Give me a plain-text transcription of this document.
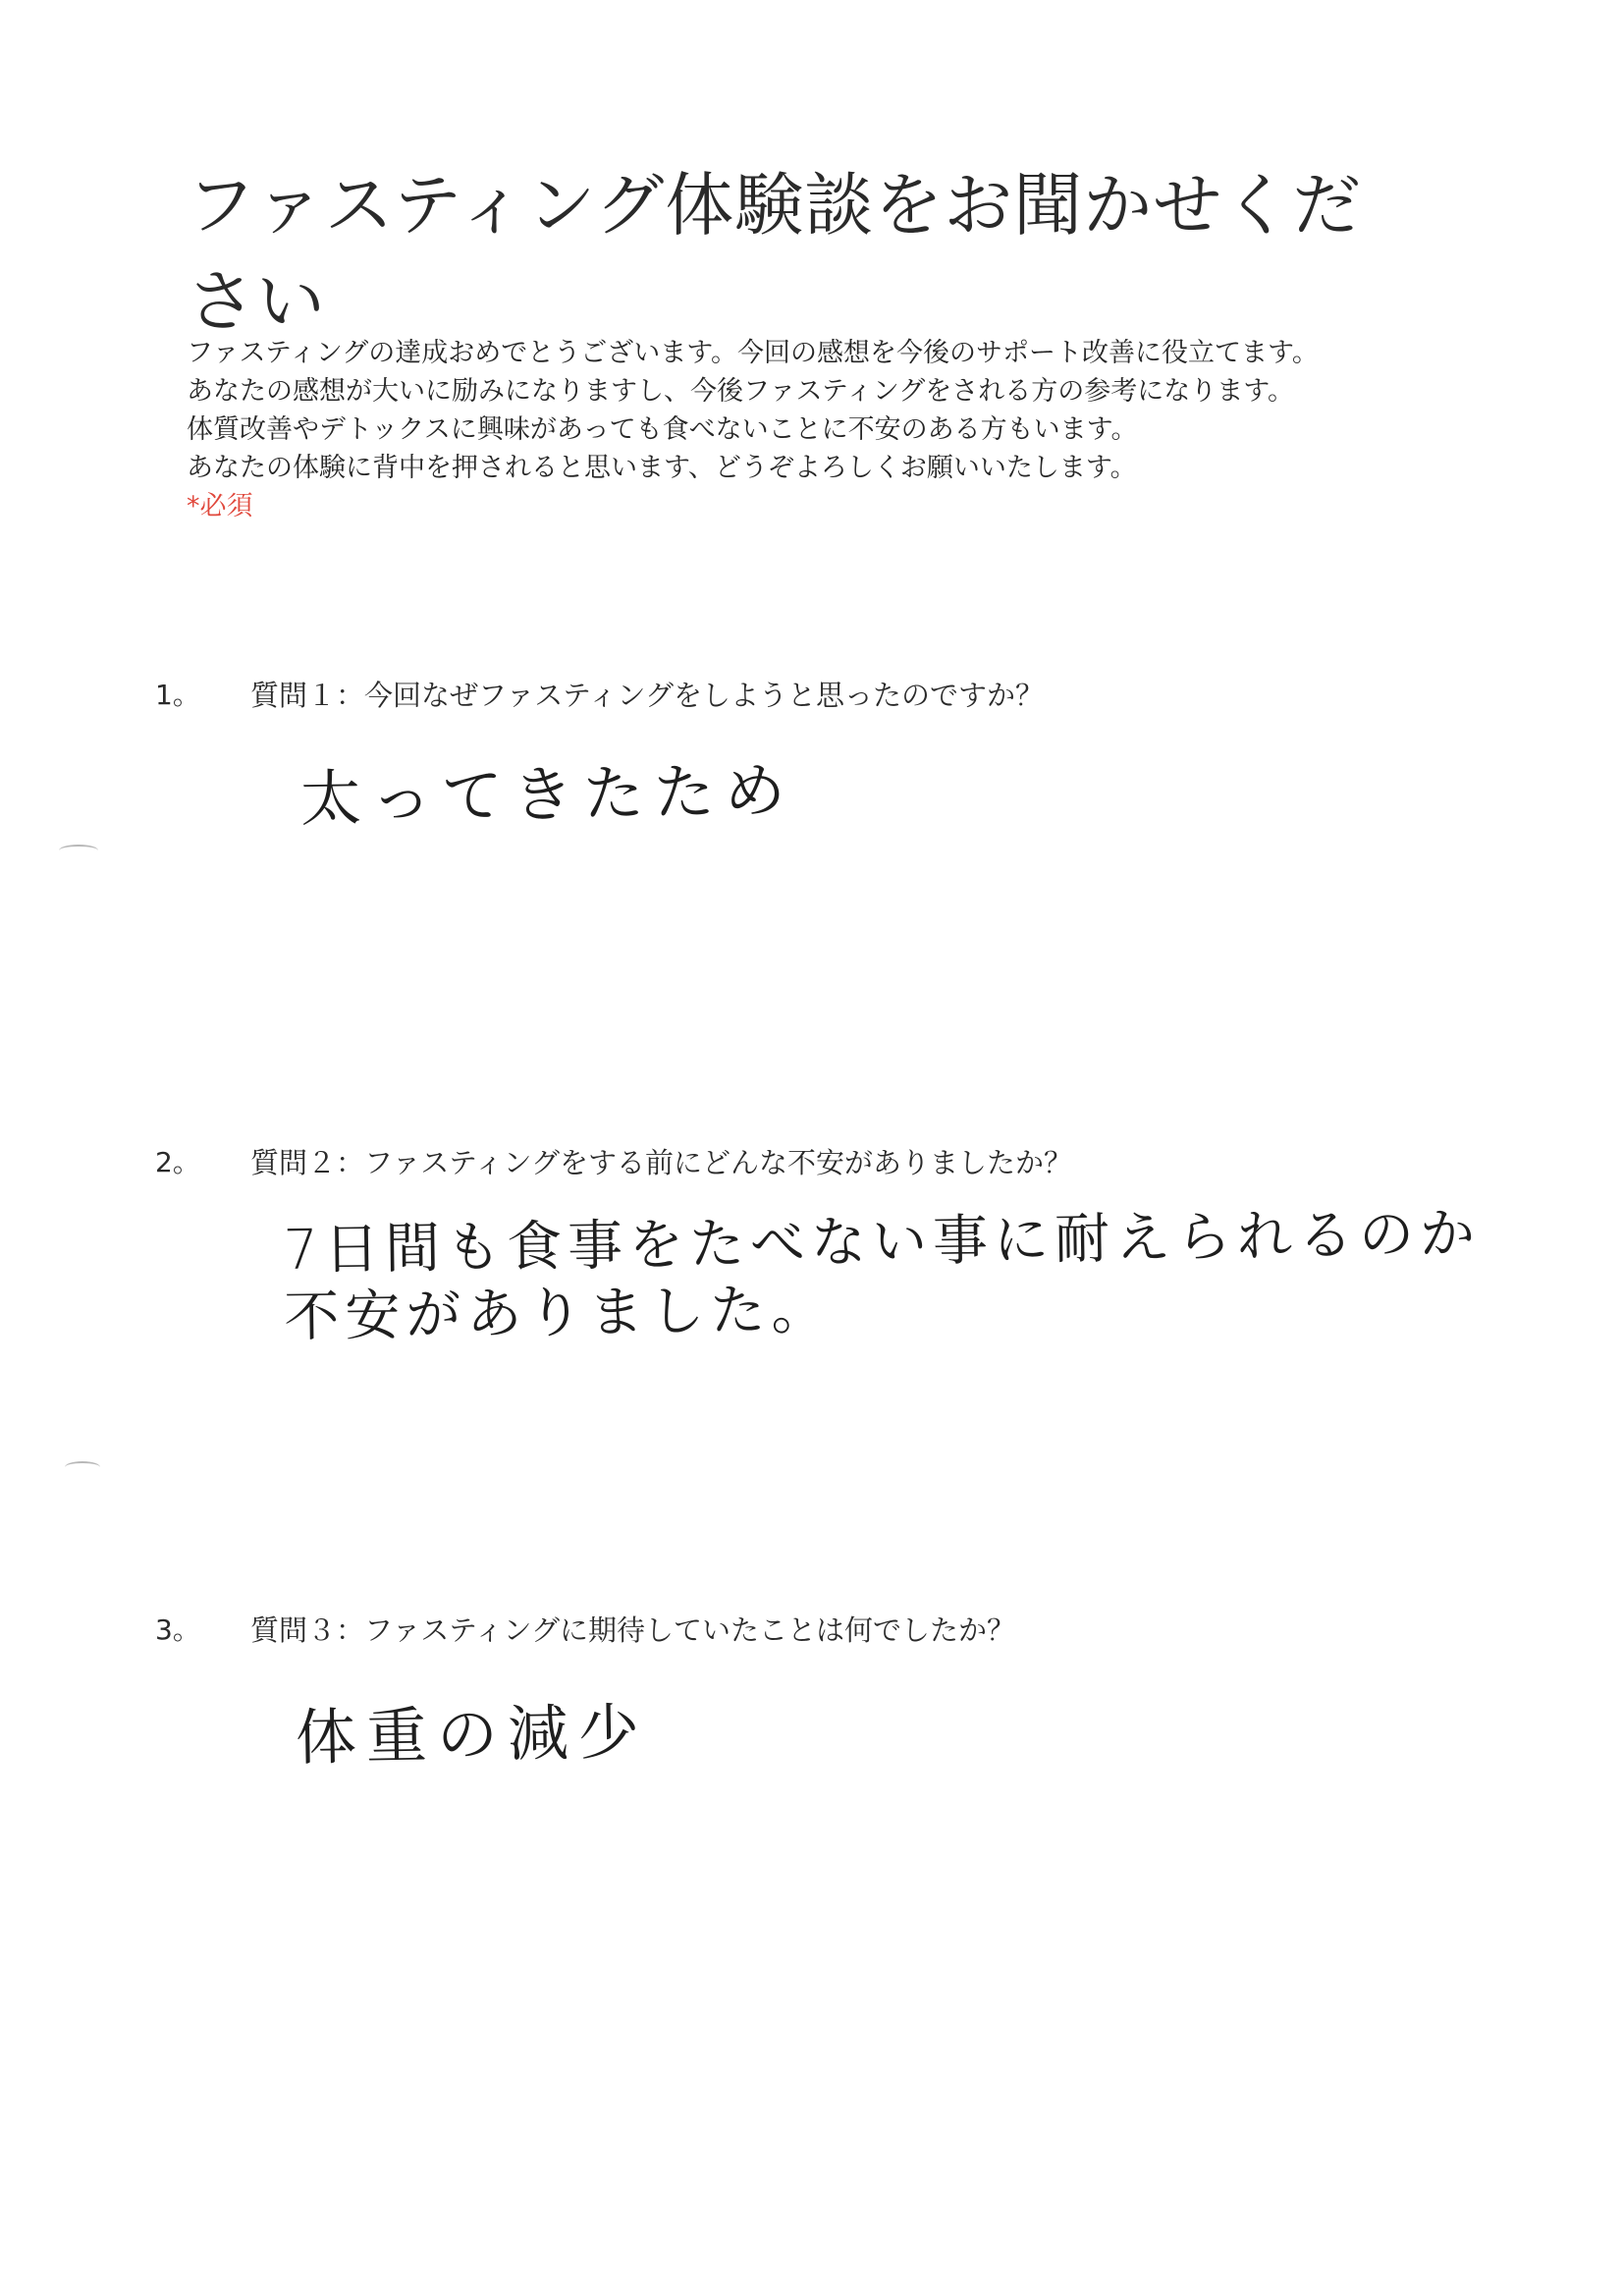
ファスティング体験談をお聞かせください

ファスティングの達成おめでとうございます。今回の感想を今後のサポート改善に役立てます。

あなたの感想が大いに励みになりますし、今後ファスティングをされる方の参考になります。

体質改善やデトックスに興味があっても食べないことに不安のある方もいます。

あなたの体験に背中を押されると思います、どうぞよろしくお願いいたします。

*必須

1。 質問１：今回なぜファスティングをしようと思ったのですか？
太ってきたため
2。 質問２：ファスティングをする前にどんな不安がありましたか？
7日間も食事をたべない事に耐えられるのか
不安がありました。
3。 質問３：ファスティングに期待していたことは何でしたか？
体重の減少
